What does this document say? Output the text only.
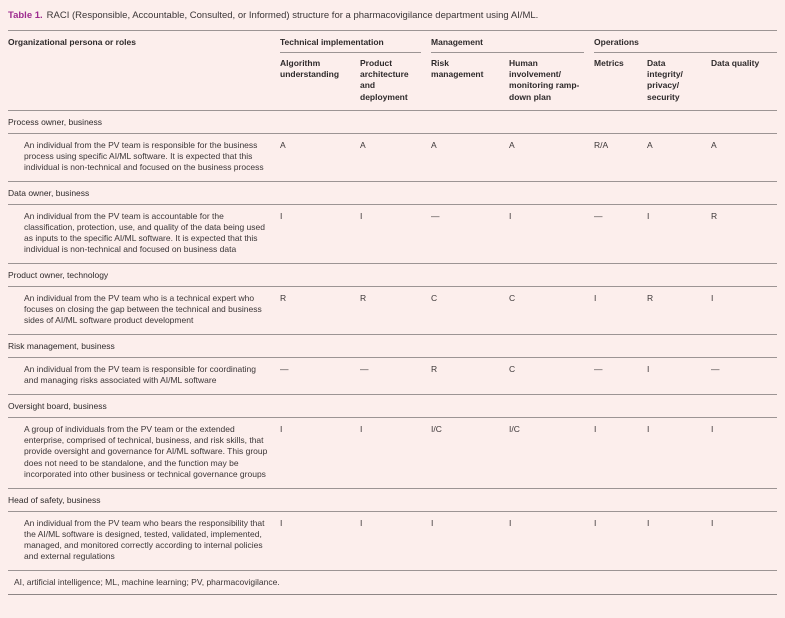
Table 1. RACI (Responsible, Accountable, Consulted, or Informed) structure for a pharmacovigilance department using AI/ML.
Organizational persona or roles	Technical implementation		Management		Operations		

	Algorithm understanding	Product architecture and deployment	Risk management	Human involvement/ monitoring ramp-down plan	Metrics	Data integrity/ privacy/ security	Data quality
Process owner, business							
An individual from the PV team is responsible for the business process using specific AI/ML software. It is expected that this individual is non-technical and focused on the business process	A	A	A	A	R/A	A	A
Data owner, business							
An individual from the PV team is accountable for the classification, protection, use, and quality of the data being used as inputs to the specific AI/ML software. It is expected that this individual is non-technical and focused on business data	I	I	—	I	—	I	R
Product owner, technology							
An individual from the PV team who is a technical expert who focuses on closing the gap between the technical and business sides of AI/ML software product development	R	R	C	C	I	R	I
Risk management, business							
An individual from the PV team is responsible for coordinating and managing risks associated with AI/ML software	—	—	R	C	—	I	—
Oversight board, business							
A group of individuals from the PV team or the extended enterprise, comprised of technical, business, and risk skills, that provide oversight and governance for AI/ML software. This group does not need to be standalone, and the function may be incorporated into other business or technical governance groups	I	I	I/C	I/C	I	I	I
Head of safety, business							
An individual from the PV team who bears the responsibility that the AI/ML software is designed, tested, validated, implemented, managed, and monitored correctly according to internal policies and external regulations	I	I	I	I	I	I	I
AI, artificial intelligence; ML, machine learning; PV, pharmacovigilance.							
